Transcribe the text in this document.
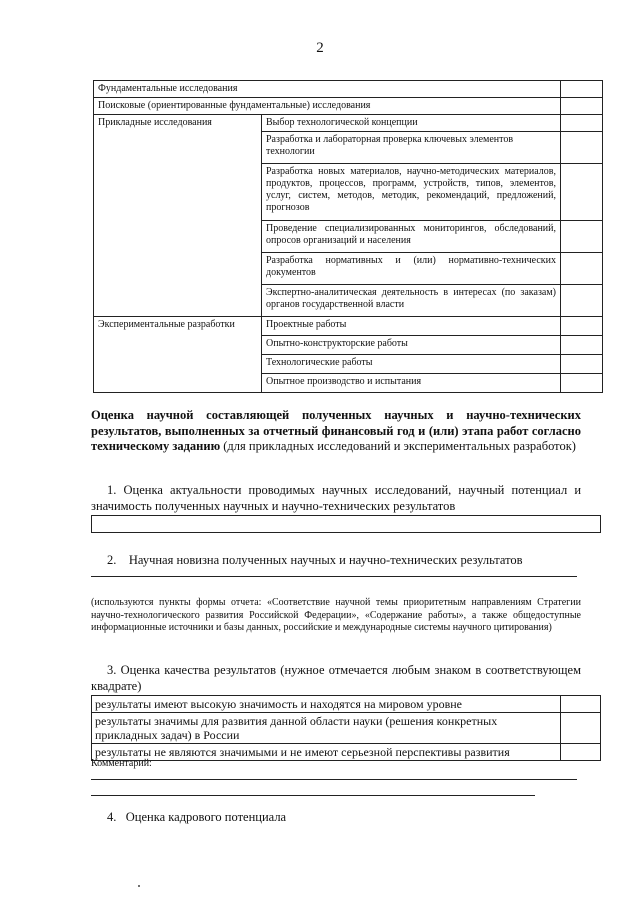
2
Фундаментальные исследования		
Поисковые (ориентированные фундаментальные) исследования		
Прикладные исследования	Выбор технологической концепции	
	Разработка и лабораторная проверка ключевых элементов технологии	
	Разработка новых материалов, научно-методических материалов, продуктов, процессов, программ, устройств, типов, элементов, услуг, систем, методов, методик, рекомендаций, предложений, прогнозов	
	Проведение специализированных мониторингов, обследований, опросов организаций и населения	
	Разработка нормативных и (или) нормативно-технических документов	
	Экспертно-аналитическая деятельность в интересах (по заказам) органов государственной власти	
Экспериментальные разработки	Проектные работы	
	Опытно-конструкторские работы	
	Технологические работы	
	Опытное производство и испытания	
Оценка научной составляющей полученных научных и научно-технических результатов, выполненных за отчетный финансовый год и (или) этапа работ согласно техническому заданию (для прикладных исследований и экспериментальных разработок)
1. Оценка актуальности проводимых научных исследований, научный потенциал и значимость полученных научных и научно-технических результатов
2. Научная новизна полученных научных и научно-технических результатов
(используются пункты формы отчета: «Соответствие научной темы приоритетным направлениям Стратегии научно-технологического развития Российской Федерации», «Содержание работы», а также общедоступные информационные источники и базы данных, российские и международные системы научного цитирования)
3. Оценка качества результатов (нужное отмечается любым знаком в соответствующем квадрате)
результаты имеют высокую значимость и находятся на мировом уровне	
результаты значимы для развития данной области науки (решения конкретных прикладных задач) в России	
результаты не являются значимыми и не имеют серьезной перспективы развития	
Комментарий:
4. Оценка кадрового потенциала
